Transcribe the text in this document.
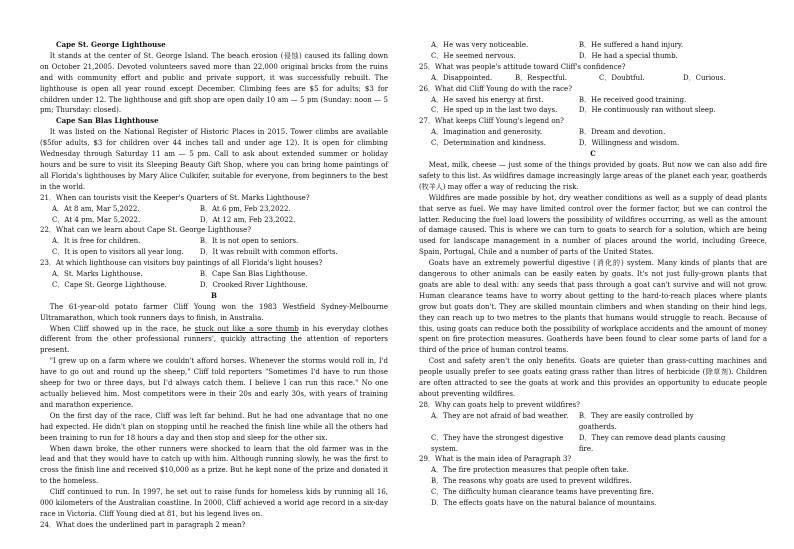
Cape St. George Lighthouse

It stands at the center of St. George Island. The beach erosion (侵蚀) caused its falling down on October 21,2005. Devoted volunteers saved more than 22,000 original bricks from the ruins and with community effort and public and private support, it was successfully rebuilt. The lighthouse is open all year round except December. Climbing fees are $5 for adults; $3 for children under 12. The lighthouse and gift shop are open daily 10 am — 5 pm (Sunday: noon — 5 pm; Thursday: closed).

Cape San Blas Lighthouse

It was listed on the National Register of Historic Places in 2015. Tower climbs are available ($5for adults, $3 for children over 44 inches tall and under age 12). It is open for climbing Wednesday through Saturday 11 am — 5 pm. Call to ask about extended summer or holiday hours and be sure to visit its Sleeping Beauty Gift Shop, where you can bring home paintings of all Florida's lighthouses by Mary Alice Culkifer, suitable for everyone, from beginners to the best in the world.

21．When can tourists visit the Keeper's Quarters of St. Marks Lighthouse?

A．At 8 am, Mar 5,2022.	B．At 6 pm, Feb 23,2022.
C．At 4 pm, Mar 5,2022.	D．At 12 am, Feb 23,2022.

22．What can we learn about Cape St. George Lighthouse?

A．It is free for children.	B．It is not open to seniors.
C．It is open to visitors all year long.	D．It was rebuilt with common efforts.

23．At which lighthouse can visitors buy paintings of all Florida's light houses?

A．St. Marks Lighthouse.	B．Cape San Blas Lighthouse.
C．Cape St. George Lighthouse.	D．Crooked River Lighthouse.

B

The 61-year-old potato farmer Cliff Young won the 1983 Westfield Sydney-Melbourne Ultramarathon, which took runners days to finish, in Australia.

When Cliff showed up in the race, he stuck out like a sore thumb in his everyday clothes different from the other professional runners', quickly attracting the attention of reporters present.

"I grew up on a farm where we couldn't afford horses. Whenever the storms would roll in, I'd have to go out and round up the sheep," Cliff told reporters "Sometimes I'd have to run those sheep for two or three days, but I'd always catch them. I believe I can run this race." No one actually believed him. Most competitors were in their 20s and early 30s, with years of training and marathon experience.

On the first day of the race, Cliff was left far behind. But he had one advantage that no one had expected. He didn't plan on stopping until he reached the finish line while all the others had been training to run for 18 hours a day and then stop and sleep for the other six.

When dawn broke, the other runners were shocked to learn that the old farmer was in the lead and that they would have to catch up with him. Although running slowly, he was the first to cross the finish line and received $10,000 as a prize. But he kept none of the prize and donated it to the homeless.

Cliff continued to run. In 1997, he set out to raise funds for homeless kids by running all 16, 000 kilometers of the Australian coastline. In 2000, Cliff achieved a world age record in a six-day race in Victoria. Cliff Young died at 81, but his legend lives on.

24．What does the underlined part in paragraph 2 mean?

A．He was very noticeable.	B．He suffered a hand injury.
C．He seemed nervous.	D．He had a special thumb.

25．What was people's attitude toward Cliff's confidence?

A．Disappointed.	B．Respectful.	C．Doubtful.	D．Curious.

26．What did Cliff Young do with the race?

A．He saved his energy at first.	B．He received good training.
C．He sped up in the last two days.	D．He continuously ran without sleep.

27．What keeps Cliff Young's legend on?

A．Imagination and generosity.	B．Dream and devotion.
C．Determination and kindness.	D．Willingness and wisdom.

C

Meat, milk, cheese — just some of the things provided by goats. But now we can also add fire safety to this list. As wildfires damage increasingly large areas of the planet each year, goatherds (牧羊人) may offer a way of reducing the risk.

Wildfires are made possible by hot, dry weather conditions as well as a supply of dead plants that serve as fuel. We may have limited control over the former factor, but we can control the latter. Reducing the fuel load lowers the possibility of wildfires occurring, as well as the amount of damage caused. This is where we can turn to goats to search for a solution, which are being used for landscape management in a number of places around the world, including Greece, Spain, Portugal, Chile and a number of parts of the United States.

Goats have an extremely powerful digestive (消化的) system. Many kinds of plants that are dangerous to other animals can be easily eaten by goats. It's not just fully-grown plants that goats are able to deal with: any seeds that pass through a goat can't survive and will not grow. Human clearance teams have to worry about getting to the hard-to-reach places where plants grow but goats don't. They are skilled mountain climbers and when standing on their hind legs, they can reach up to two metres to the plants that humans would struggle to reach. Because of this, using goats can reduce both the possibility of workplace accidents and the amount of money spent on fire protection measures. Goatherds have been found to clear some parts of land for a third of the price of human control teams.

Cost and safety aren't the only benefits. Goats are quieter than grass-cutting machines and people usually prefer to see goats eating grass rather than litres of herbicide (除草剂). Children are often attracted to see the goats at work and this provides an opportunity to educate people about preventing wildfires.

28．Why can goats help to prevent wildfires?

A．They are not afraid of bad weather.	B．They are easily controlled by goatherds.
C．They have the strongest digestive system.
D．They can remove dead plants causing fire.

29．What is the main idea of Paragraph 3?

A．The fire protection measures that people often take.

B．The reasons why goats are used to prevent wildfires.

C．The difficulty human clearance teams have preventing fire.

D．The effects goats have on the natural balance of mountains.
